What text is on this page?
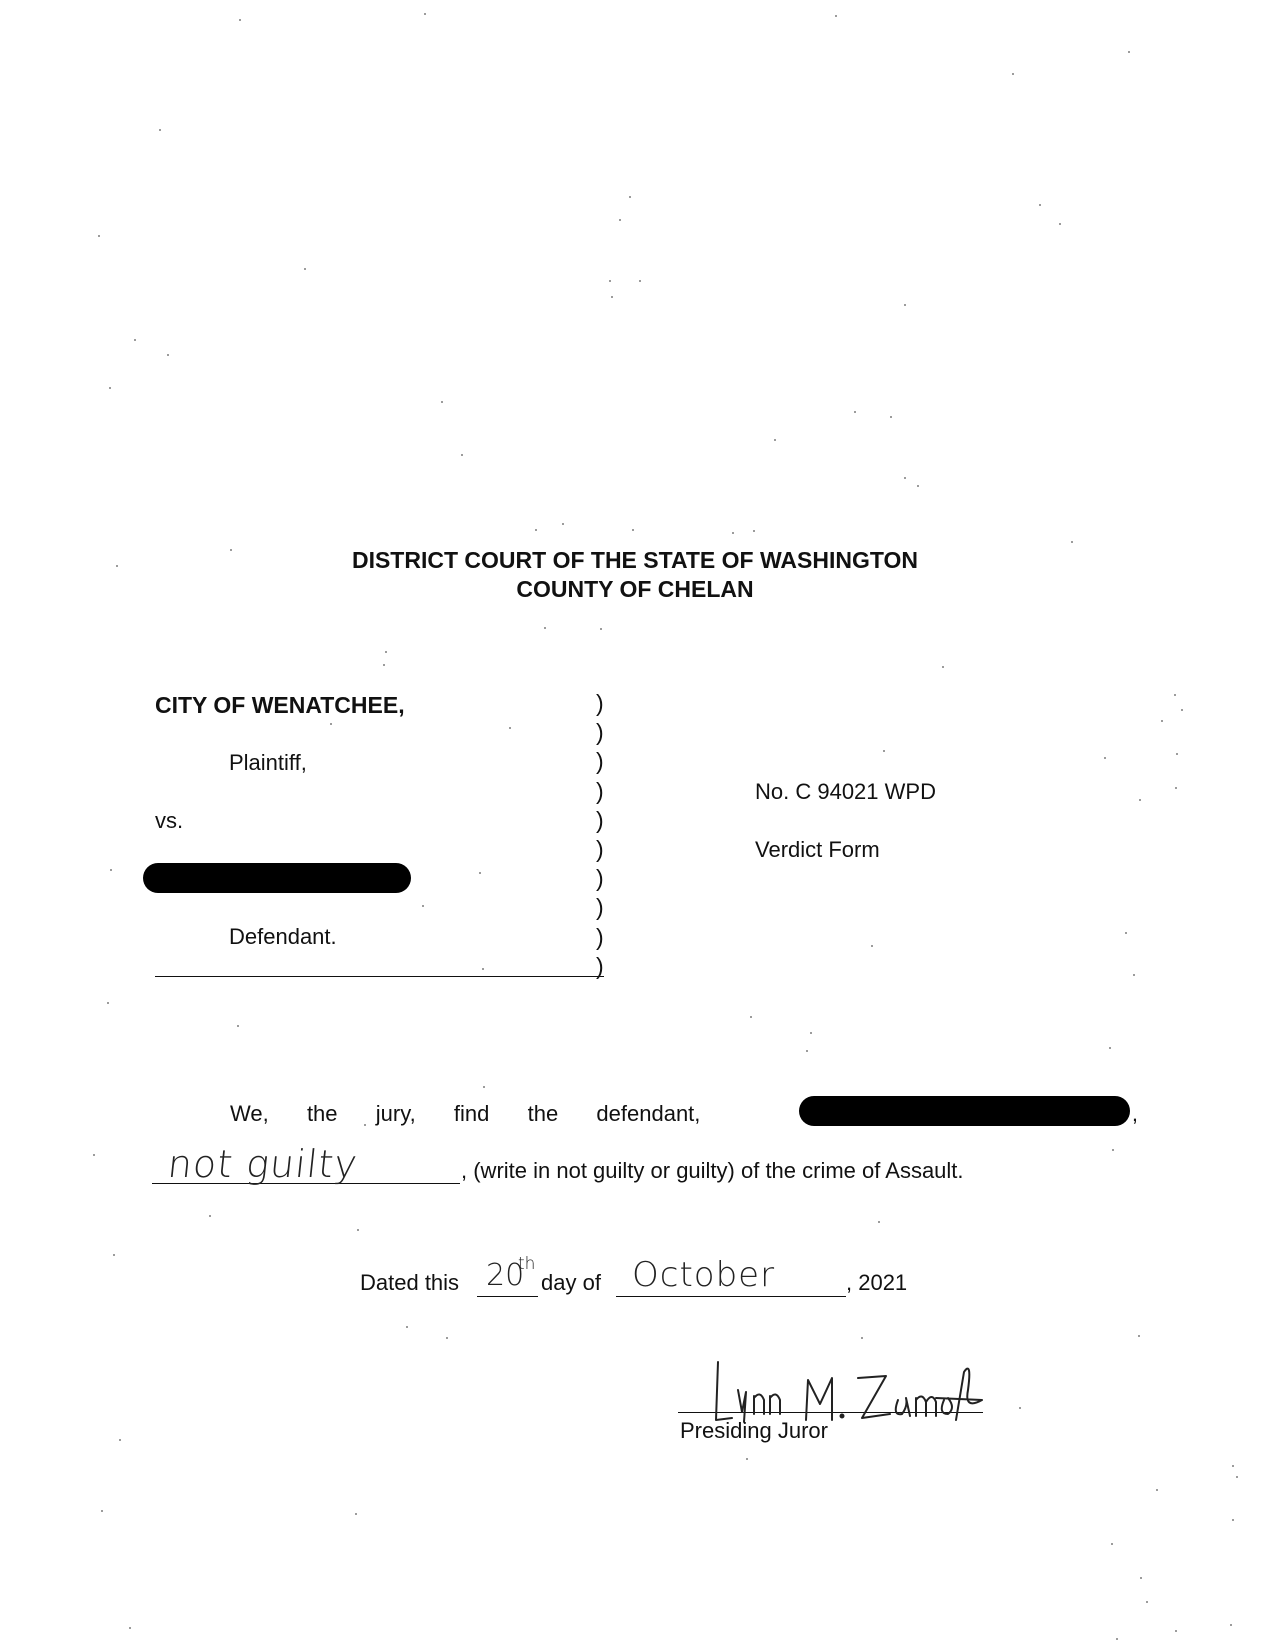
DISTRICT COURT OF THE STATE OF WASHINGTON
COUNTY OF CHELAN
CITY OF WENATCHEE,
Plaintiff,
vs.
Defendant.
)
)
)
)
)
)
)
)
)
)
No. C 94021 WPD
Verdict Form
We, the jury, find the defendant,	,
not guilty	, (write in not guilty or guilty) of the crime of Assault.
Dated this 20
th
day of October	, 2021
Presiding Juror
